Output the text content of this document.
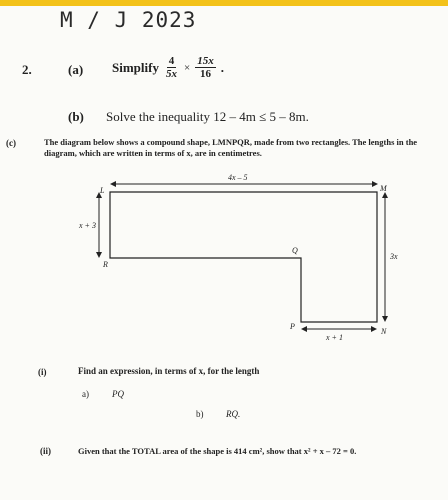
M / J 2023
2.	(a) Simplify $\frac{4}{5x} \times \frac{15x}{16}$ .
(b) Solve the inequality 12 – 4m ≤ 5 – 8m.
(c)	The diagram below shows a compound shape, LMNPQR, made from two rectangles. The lengths in the diagram, which are written in terms of x, are in centimetres.
L	M
N
P
Q
R
4x – 5
x + 3
3x
x + 1
(i)	Find an expression, in terms of x, for the length
a)	PQ
b)	RQ.
(ii)	Given that the TOTAL area of the shape is 414 cm², show that x² + x – 72 = 0.
